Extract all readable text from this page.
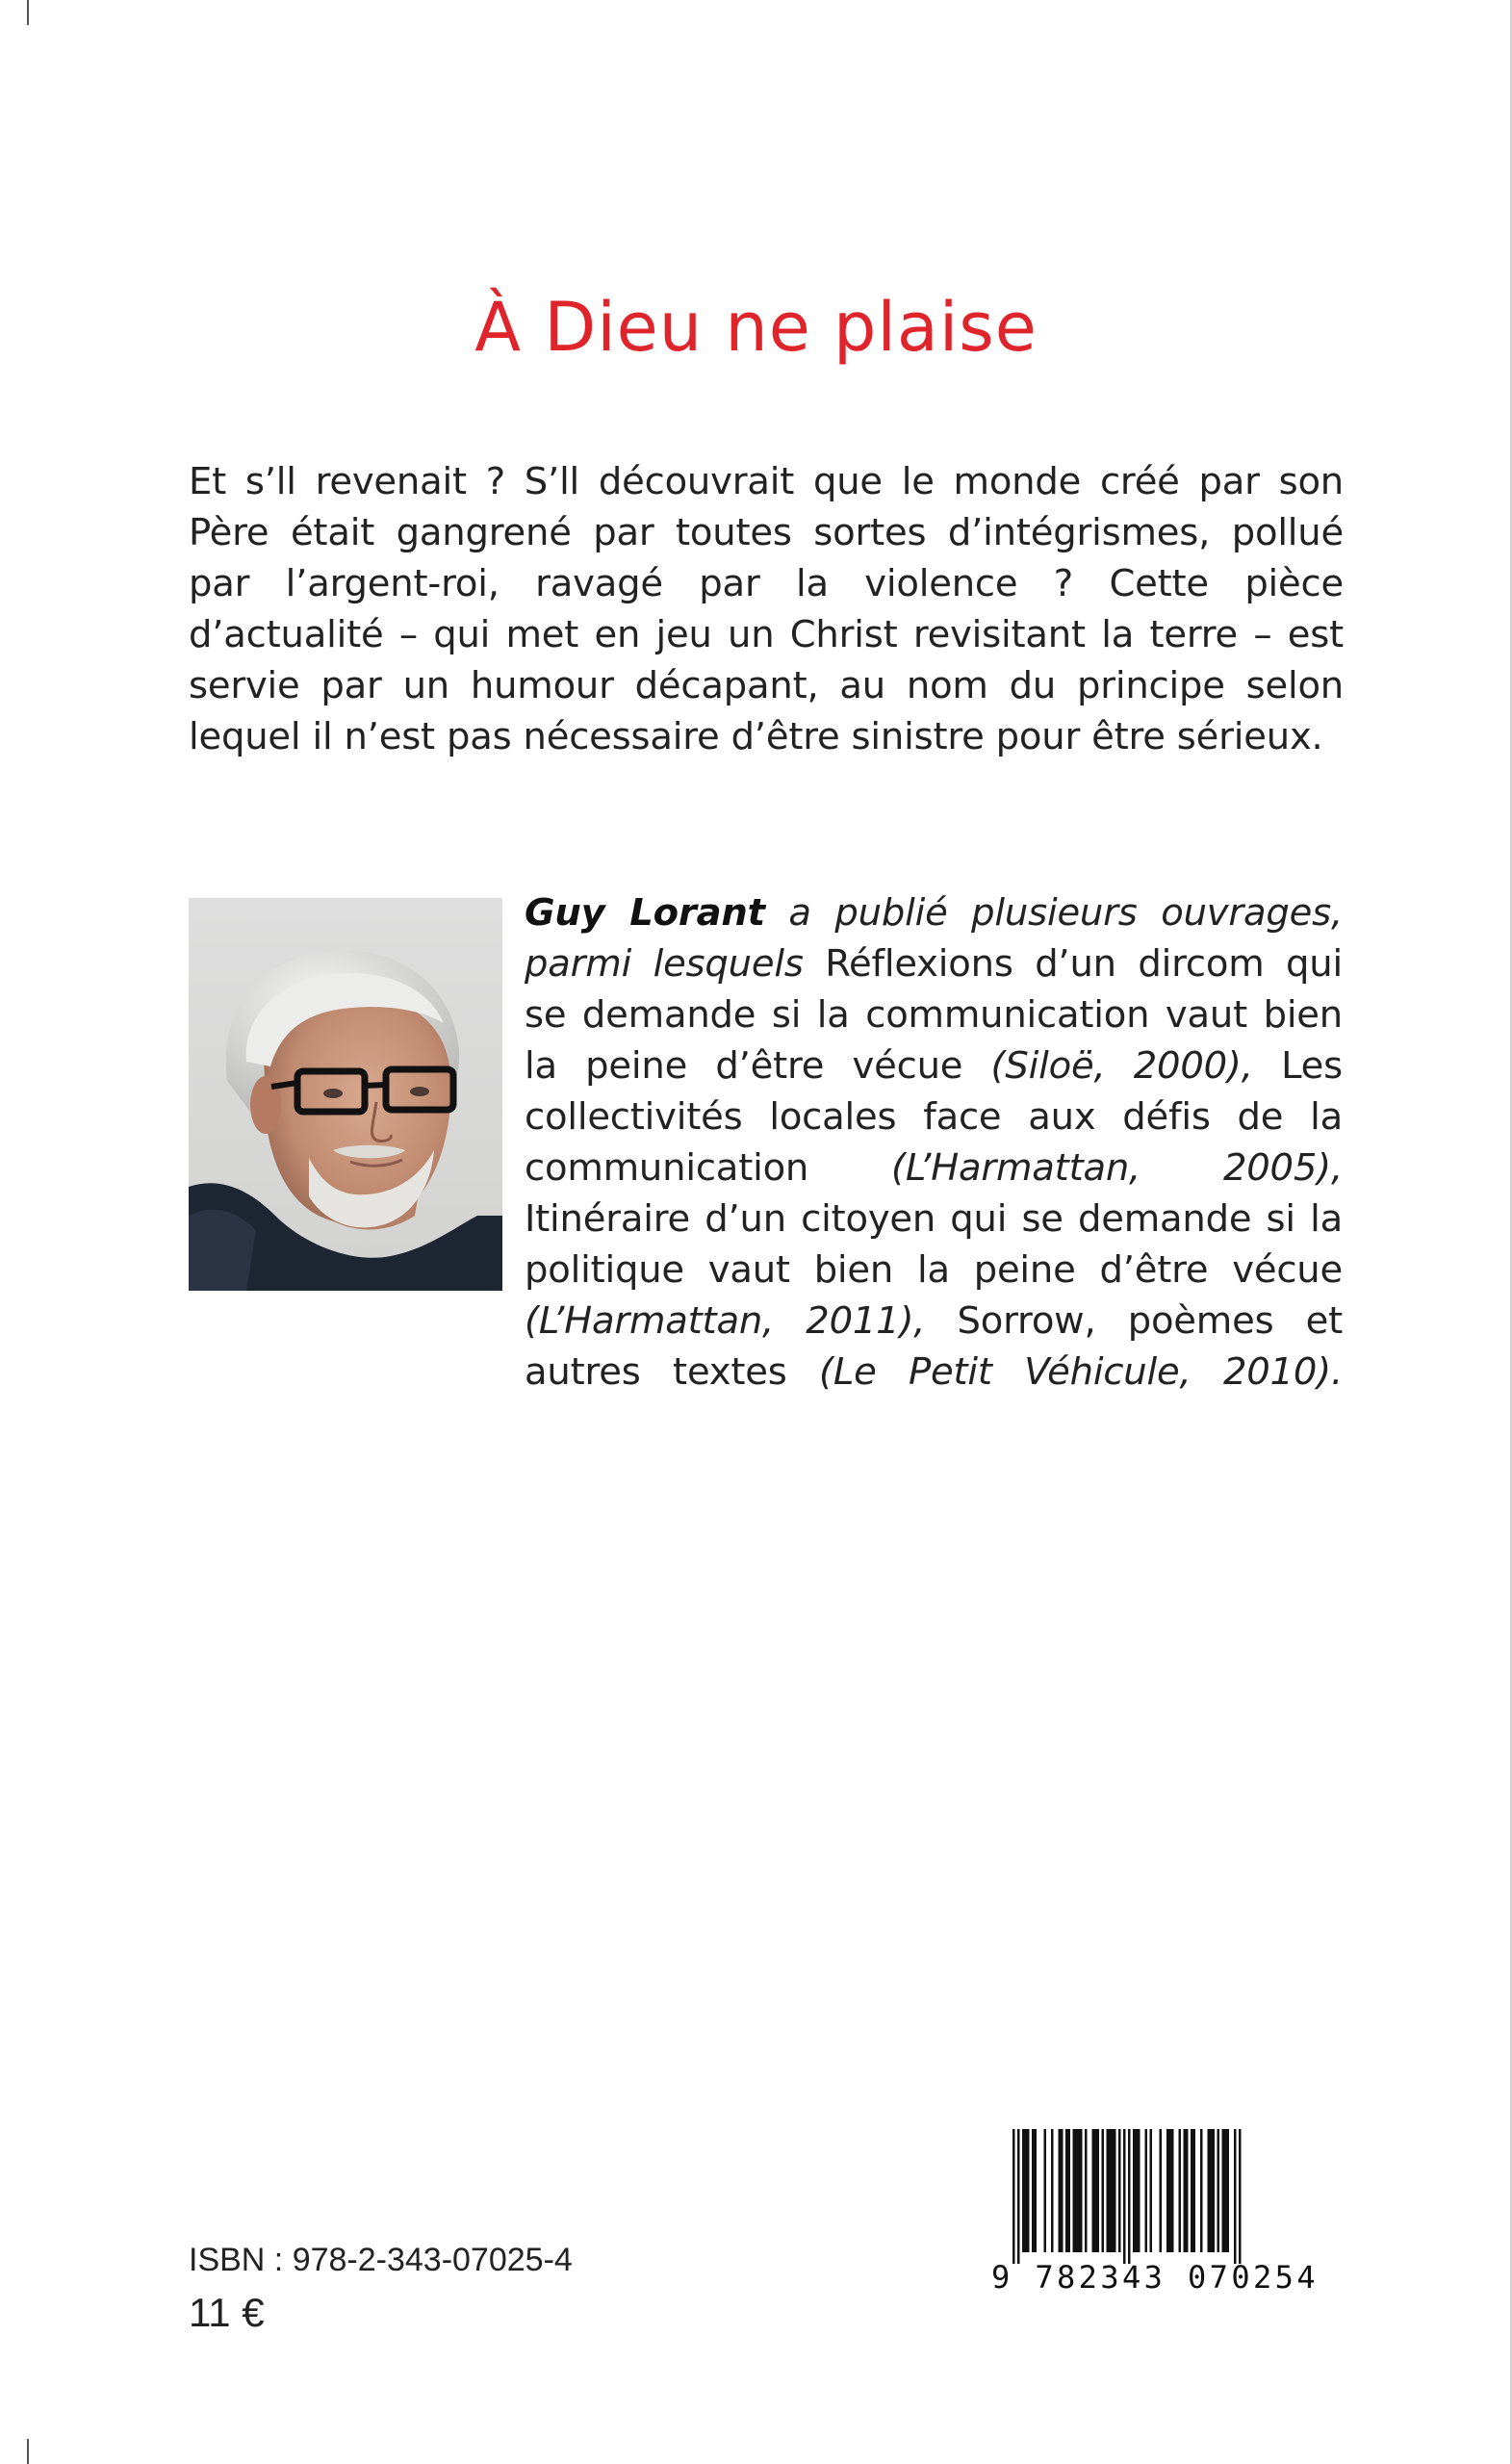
À Dieu ne plaise

Et s’ll revenait ? S’ll découvrait que le monde créé par son Père était gangrené par toutes sortes d’intégrismes, pollué par l’argent-roi, ravagé par la violence ? Cette pièce d’actualité – qui met en jeu un Christ revisitant la terre – est servie par un humour décapant, au nom du principe selon lequel il n’est pas nécessaire d’être sinistre pour être sérieux.

Guy Lorant a publié plusieurs ouvrages, parmi lesquels Réflexions d’un dircom qui se demande si la communication vaut bien la peine d’être vécue (Siloë, 2000), Les collectivités locales face aux défis de la communication (L’Harmattan, 2005), Itinéraire d’un citoyen qui se demande si la politique vaut bien la peine d’être vécue (L’Harmattan, 2011), Sorrow, poèmes et autres textes (Le Petit Véhicule, 2010).
ISBN : 978-2-343-07025-4
11 €
9 782343 070254
